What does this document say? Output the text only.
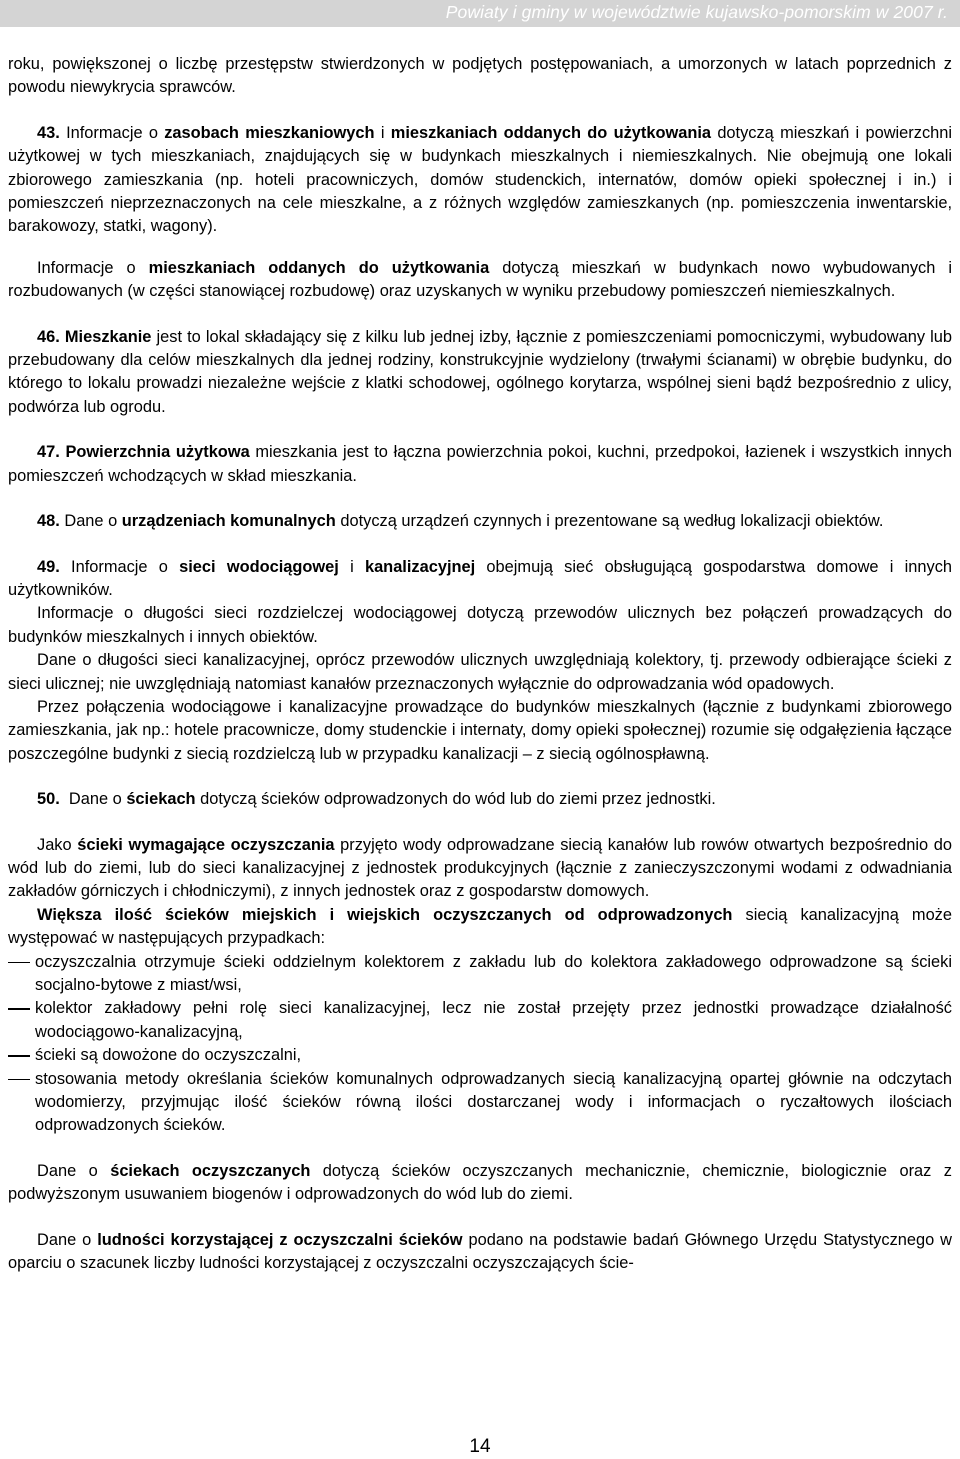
Powiaty i gminy w województwie kujawsko-pomorskim w 2007 r.

roku, powiększonej o liczbę przestępstw stwierdzonych w podjętych postępowaniach, a umorzonych w latach poprzednich z powodu niewykrycia sprawców.

43. Informacje o zasobach mieszkaniowych i mieszkaniach oddanych do użytkowania dotyczą mieszkań i powierzchni użytkowej w tych mieszkaniach, znajdujących się w budynkach mieszkalnych i niemieszkalnych. Nie obejmują one lokali zbiorowego zamieszkania (np. hoteli pracowniczych, domów studenckich, internatów, domów opieki społecznej i in.) i pomieszczeń nieprzeznaczonych na cele mieszkalne, a z różnych względów zamieszkanych (np. pomieszczenia inwentarskie, barakowozy, statki, wagony).

Informacje o mieszkaniach oddanych do użytkowania dotyczą mieszkań w budynkach nowo wybudowanych i rozbudowanych (w części stanowiącej rozbudowę) oraz uzyskanych w wyniku przebudowy pomieszczeń niemieszkalnych.

46. Mieszkanie jest to lokal składający się z kilku lub jednej izby, łącznie z pomieszczeniami pomocniczymi, wybudowany lub przebudowany dla celów mieszkalnych dla jednej rodziny, konstrukcyjnie wydzielony (trwałymi ścianami) w obrębie budynku, do którego to lokalu prowadzi niezależne wejście z klatki schodowej, ogólnego korytarza, wspólnej sieni bądź bezpośrednio z ulicy, podwórza lub ogrodu.

47. Powierzchnia użytkowa mieszkania jest to łączna powierzchnia pokoi, kuchni, przedpokoi, łazienek i wszystkich innych pomieszczeń wchodzących w skład mieszkania.

48. Dane o urządzeniach komunalnych dotyczą urządzeń czynnych i prezentowane są według lokalizacji obiektów.

49. Informacje o sieci wodociągowej i kanalizacyjnej obejmują sieć obsługującą gospodarstwa domowe i innych użytkowników.

Informacje o długości sieci rozdzielczej wodociągowej dotyczą przewodów ulicznych bez połączeń prowadzących do budynków mieszkalnych i innych obiektów.

Dane o długości sieci kanalizacyjnej, oprócz przewodów ulicznych uwzględniają kolektory, tj. przewody odbierające ścieki z sieci ulicznej; nie uwzględniają natomiast kanałów przeznaczonych wyłącznie do odprowadzania wód opadowych.

Przez połączenia wodociągowe i kanalizacyjne prowadzące do budynków mieszkalnych (łącznie z budynkami zbiorowego zamieszkania, jak np.: hotele pracownicze, domy studenckie i internaty, domy opieki społecznej) rozumie się odgałęzienia łączące poszczególne budynki z siecią rozdzielczą lub w przypadku kanalizacji – z siecią ogólnospławną.

50.  Dane o ściekach dotyczą ścieków odprowadzonych do wód lub do ziemi przez jednostki.

Jako ścieki wymagające oczyszczania przyjęto wody odprowadzane siecią kanałów lub rowów otwartych bezpośrednio do wód lub do ziemi, lub do sieci kanalizacyjnej z jednostek produkcyjnych (łącznie z zanieczyszczonymi wodami z odwadniania zakładów górniczych i chłodniczymi), z innych jednostek oraz z gospodarstw domowych.

Większa ilość ścieków miejskich i wiejskich oczyszczanych od odprowadzonych siecią kanalizacyjną może występować w następujących przypadkach:

oczyszczalnia otrzymuje ścieki oddzielnym kolektorem z zakładu lub do kolektora zakładowego odprowadzone są ścieki socjalno-bytowe z miast/wsi,

kolektor zakładowy pełni rolę sieci kanalizacyjnej, lecz nie został przejęty przez jednostki prowadzące działalność wodociągowo-kanalizacyjną,

ścieki są dowożone do oczyszczalni,

stosowania metody określania ścieków komunalnych odprowadzanych siecią kanalizacyjną opartej głównie na odczytach wodomierzy, przyjmując ilość ścieków równą ilości dostarczanej wody i informacjach o ryczałtowych ilościach odprowadzonych ścieków.

Dane o ściekach oczyszczanych dotyczą ścieków oczyszczanych mechanicznie, chemicznie, biologicznie oraz z podwyższonym usuwaniem biogenów i odprowadzonych do wód lub do ziemi.

Dane o ludności korzystającej z oczyszczalni ścieków podano na podstawie badań Głównego Urzędu Statystycznego w oparciu o szacunek liczby ludności korzystającej z oczyszczalni oczyszczających ście-

14
